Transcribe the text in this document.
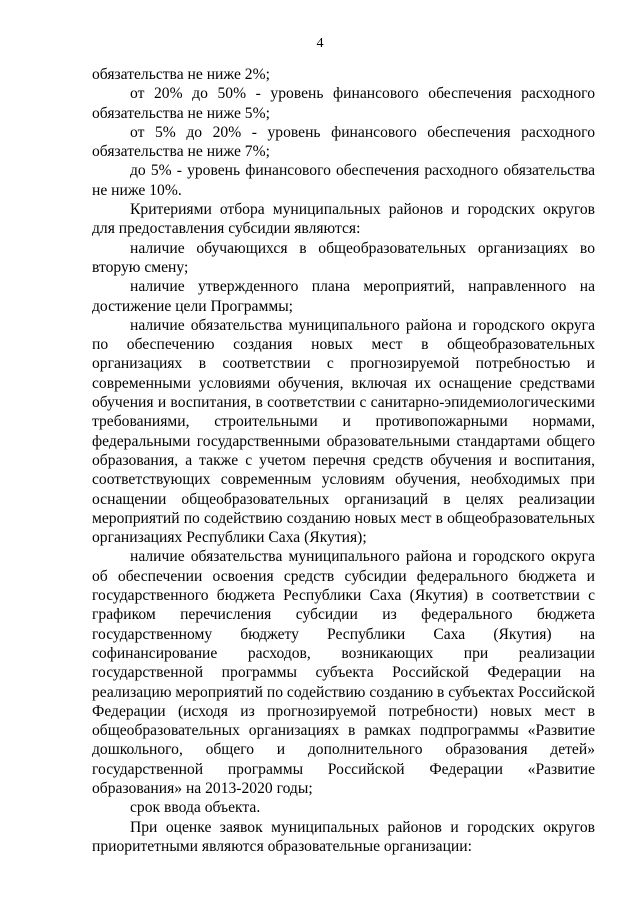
4

обязательства не ниже 2%;

от 20% до 50% - уровень финансового обеспечения расходного обязательства не ниже 5%;

от 5% до 20% - уровень финансового обеспечения расходного обязательства не ниже 7%;

до 5% - уровень финансового обеспечения расходного обязательства не ниже 10%.

Критериями отбора муниципальных районов и городских округов для предоставления субсидии являются:

наличие обучающихся в общеобразовательных организациях во вторую смену;

наличие утвержденного плана мероприятий, направленного на достижение цели Программы;

наличие обязательства муниципального района и городского округа по обеспечению создания новых мест в общеобразовательных организациях в соответствии с прогнозируемой потребностью и современными условиями обучения, включая их оснащение средствами обучения и воспитания, в соответствии с санитарно-эпидемиологическими требованиями, строительными и противопожарными нормами, федеральными государственными образовательными стандартами общего образования, а также с учетом перечня средств обучения и воспитания, соответствующих современным условиям обучения, необходимых при оснащении общеобразовательных организаций в целях реализации мероприятий по содействию созданию новых мест в общеобразовательных организациях Республики Саха (Якутия);

наличие обязательства муниципального района и городского округа об обеспечении освоения средств субсидии федерального бюджета и государственного бюджета Республики Саха (Якутия) в соответствии с графиком перечисления субсидии из федерального бюджета государственному бюджету Республики Саха (Якутия) на софинансирование расходов, возникающих при реализации государственной программы субъекта Российской Федерации на реализацию мероприятий по содействию созданию в субъектах Российской Федерации (исходя из прогнозируемой потребности) новых мест в общеобразовательных организациях в рамках подпрограммы «Развитие дошкольного, общего и дополнительного образования детей» государственной программы Российской Федерации «Развитие образования» на 2013-2020 годы;

срок ввода объекта.

При оценке заявок муниципальных районов и городских округов приоритетными являются образовательные организации:
